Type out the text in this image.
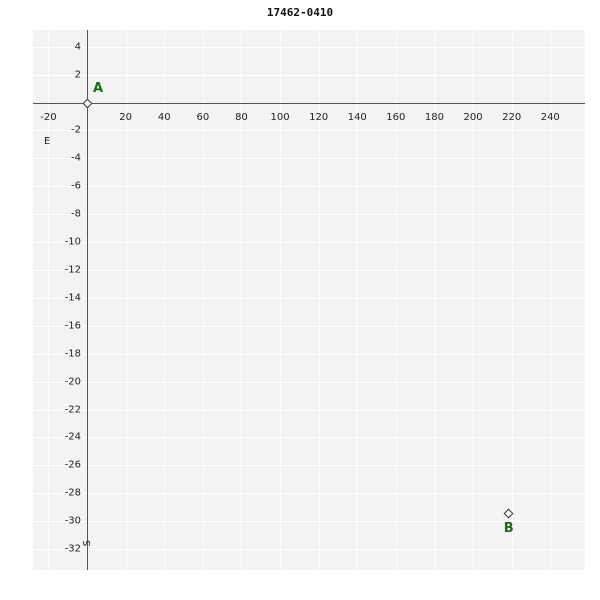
17462-0410
E
S
-20	20	40	60	80 100 120 140 160 180 200 220 240
4
2
-2
-4
-6
-8
-10
-12
-14
-16
-18
-20
-22
-24
-26
-28
-30
-32
A
B
